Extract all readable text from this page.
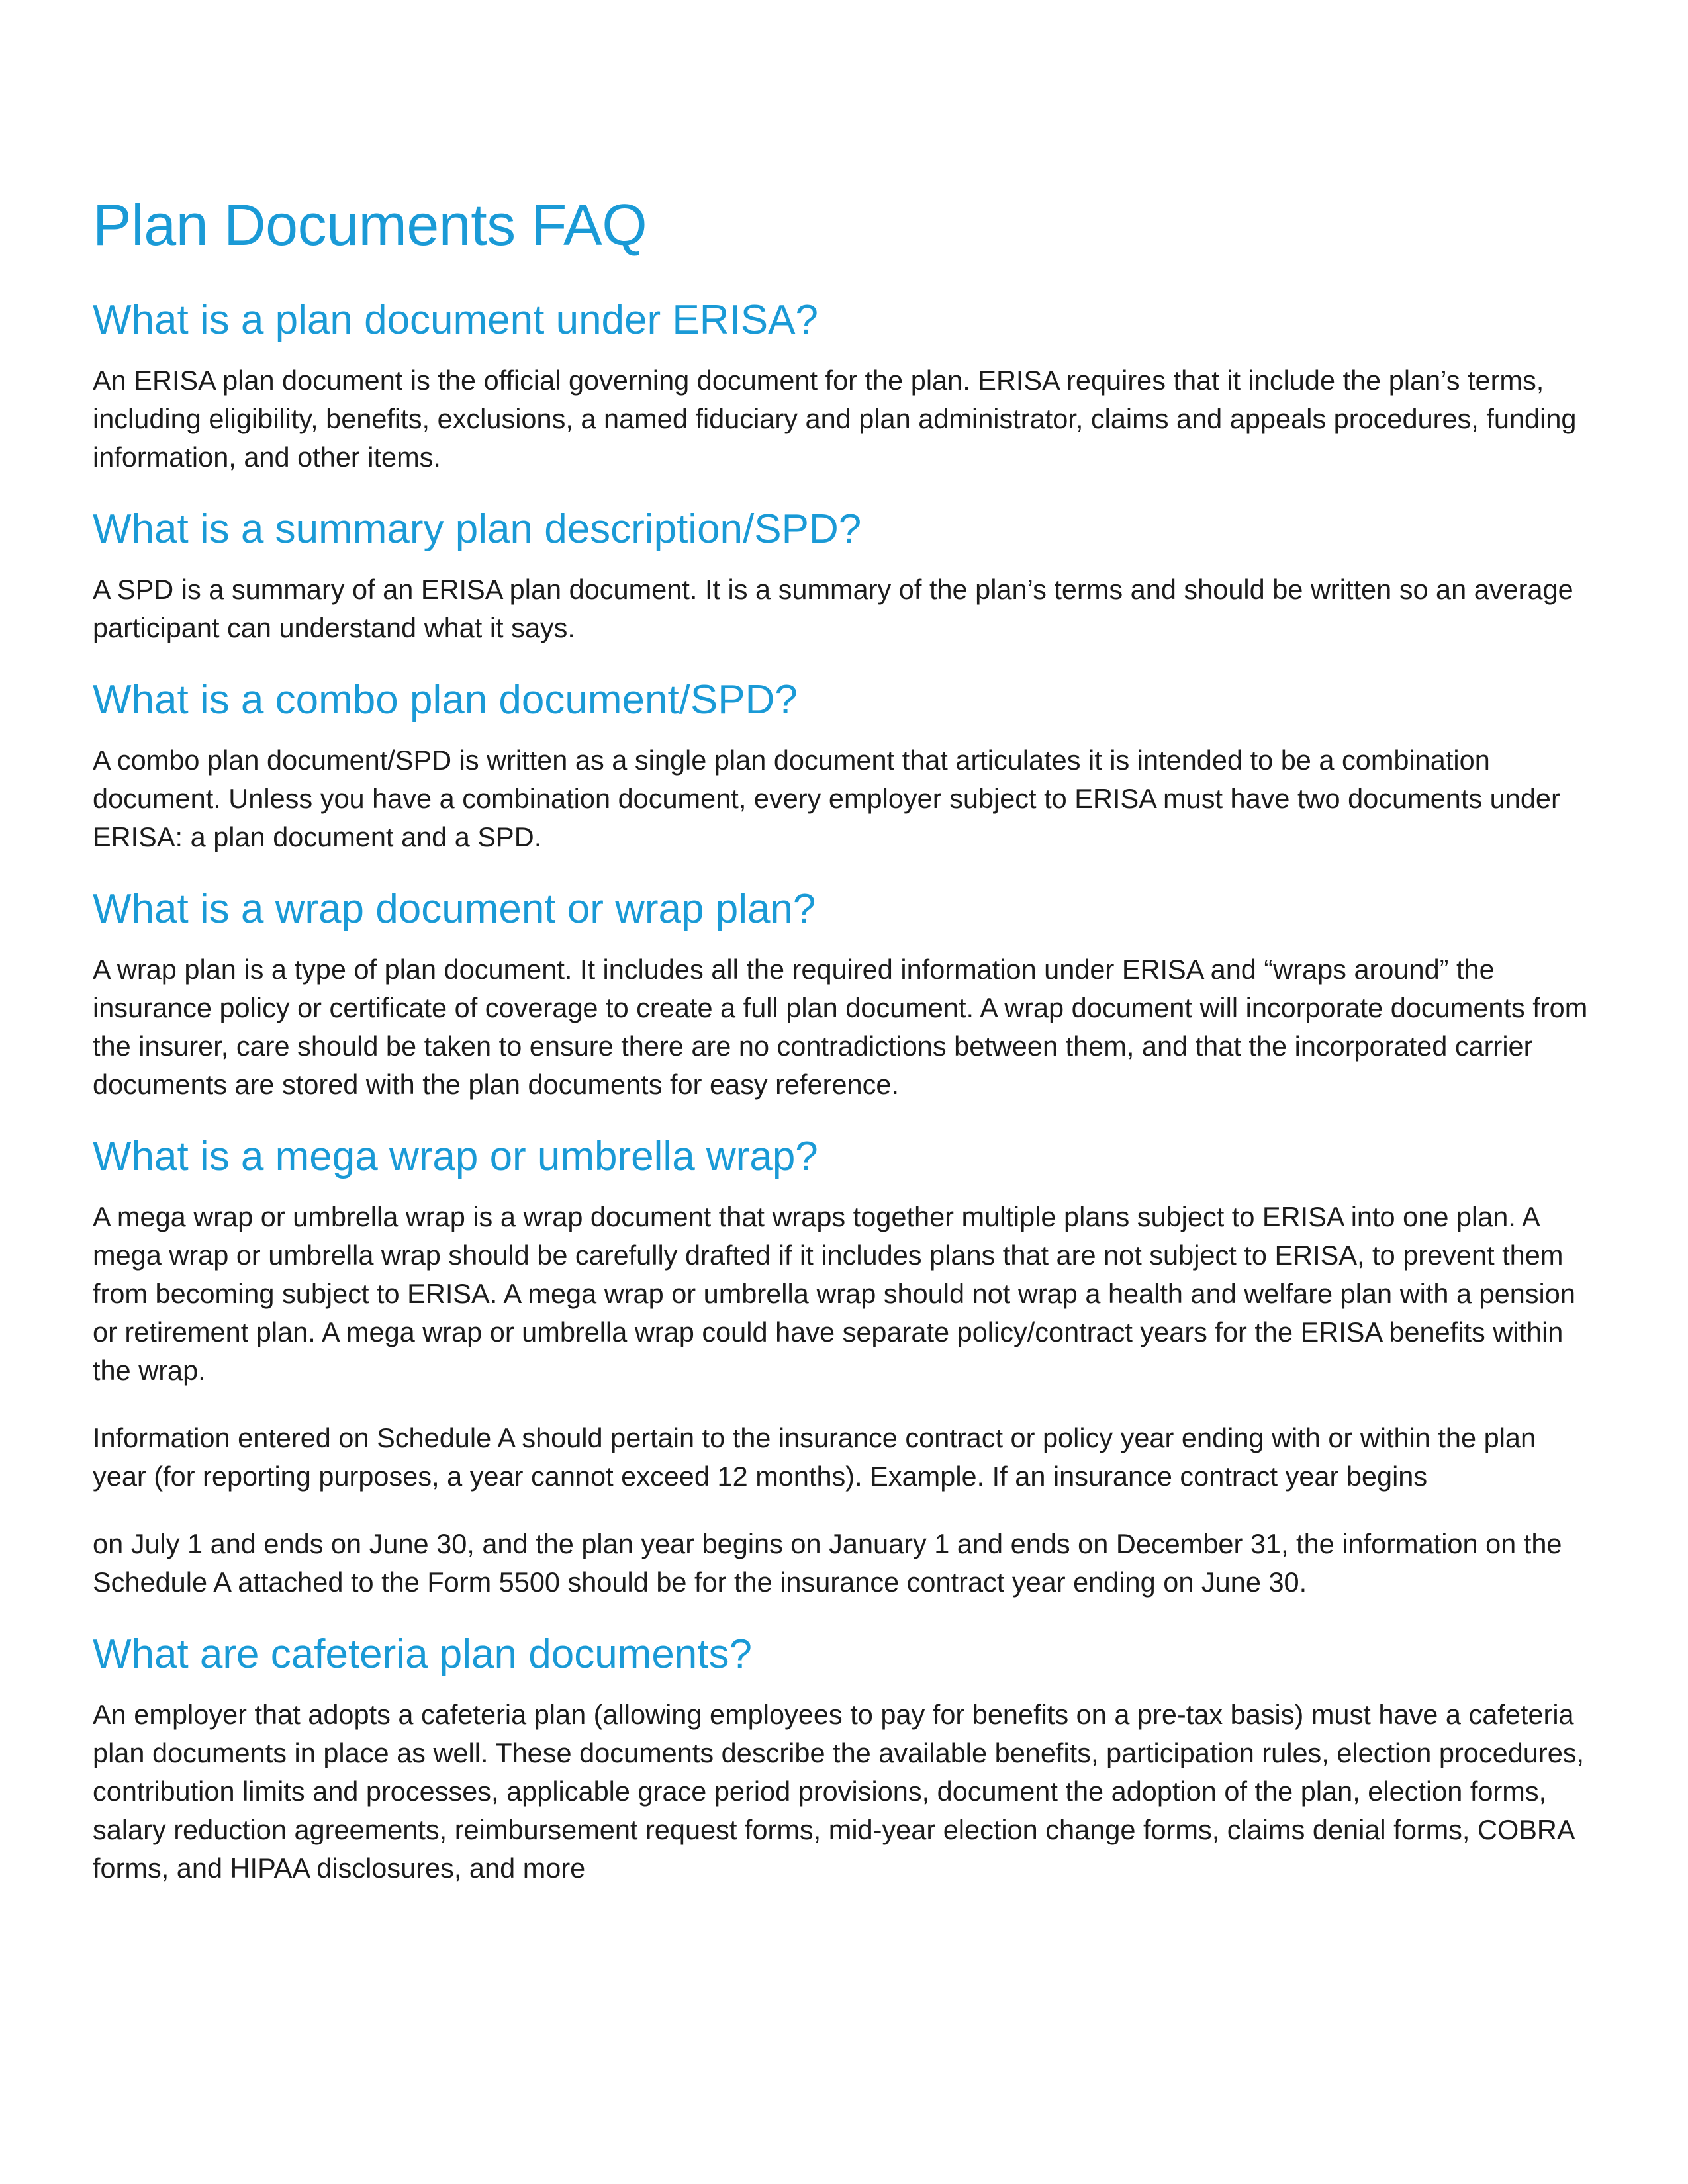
Plan Documents FAQ
What is a plan document under ERISA?

An ERISA plan document is the official governing document for the plan. ERISA requires that it include the plan’s terms, including eligibility, benefits, exclusions, a named fiduciary and plan administrator, claims and appeals procedures, funding information, and other items.

What is a summary plan description/SPD?

A SPD is a summary of an ERISA plan document. It is a summary of the plan’s terms and should be written so an average participant can understand what it says.

What is a combo plan document/SPD?

A combo plan document/SPD is written as a single plan document that articulates it is intended to be a combination document. Unless you have a combination document, every employer subject to ERISA must have two documents under ERISA: a plan document and a SPD.

What is a wrap document or wrap plan?

A wrap plan is a type of plan document. It includes all the required information under ERISA and “wraps around” the insurance policy or certificate of coverage to create a full plan document. A wrap document will incorporate documents from the insurer, care should be taken to ensure there are no contradictions between them, and that the incorporated carrier documents are stored with the plan documents for easy reference.

What is a mega wrap or umbrella wrap?

A mega wrap or umbrella wrap is a wrap document that wraps together multiple plans subject to ERISA into one plan. A mega wrap or umbrella wrap should be carefully drafted if it includes plans that are not subject to ERISA, to prevent them from becoming subject to ERISA. A mega wrap or umbrella wrap should not wrap a health and welfare plan with a pension or retirement plan. A mega wrap or umbrella wrap could have separate policy/contract years for the ERISA benefits within the wrap.

Information entered on Schedule A should pertain to the insurance contract or policy year ending with or within the plan year (for reporting purposes, a year cannot exceed 12 months). Example. If an insurance contract year begins

on July 1 and ends on June 30, and the plan year begins on January 1 and ends on December 31, the information on the Schedule A attached to the Form 5500 should be for the insurance contract year ending on June 30.

What are cafeteria plan documents?

An employer that adopts a cafeteria plan (allowing employees to pay for benefits on a pre-tax basis) must have a cafeteria plan documents in place as well. These documents describe the available benefits, participation rules, election procedures, contribution limits and processes, applicable grace period provisions, document the adoption of the plan, election forms, salary reduction agreements, reimbursement request forms, mid-year election change forms, claims denial forms, COBRA forms, and HIPAA disclosures, and more
